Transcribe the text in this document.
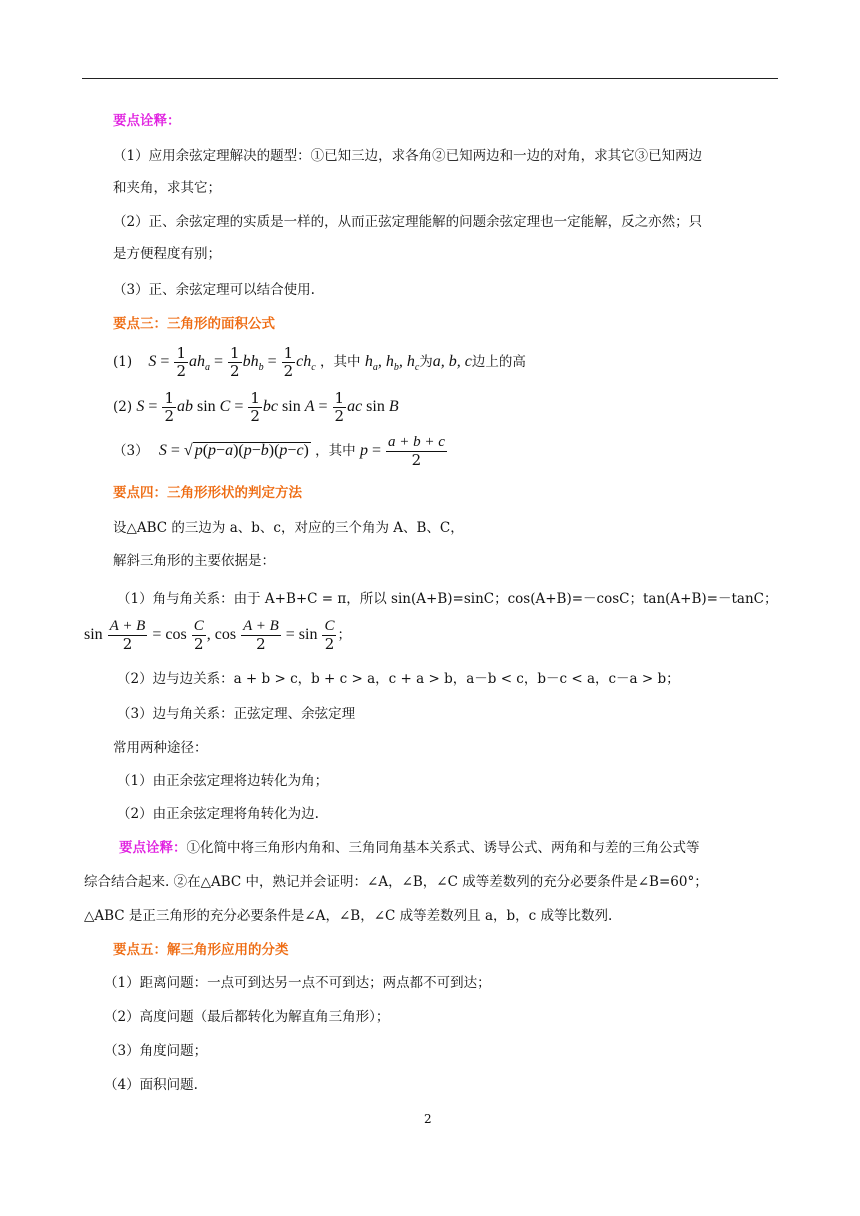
要点诠释：
（1）应用余弦定理解决的题型：①已知三边，求各角②已知两边和一边的对角，求其它③已知两边
和夹角，求其它；
（2）正、余弦定理的实质是一样的，从而正弦定理能解的问题余弦定理也一定能解，反之亦然；只
是方便程度有别；
（3）正、余弦定理可以结合使用.
要点三：三角形的面积公式
(1) $S = \frac{1}{2} ah_a = \frac{1}{2} bh_b = \frac{1}{2} ch_c$ ，其中 $h_a$, $h_b$, $h_c$为a, b, c边上的高
(2) $S = \frac{1}{2}$ ab $\sin C = \frac{1}{2}$ bc $\sin A = \frac{1}{2}$ ac sin B
（3） S = √ p(p−a)(p−b)(p−c) ，其中 $p = \frac{a + b + c}{2}$
要点四：三角形形状的判定方法
设△ABC 的三边为 a、b、c，对应的三个角为 A、B、C，
解斜三角形的主要依据是：
（1）角与角关系：由于 A+B+C = π，所以 sin(A+B)=sinC；cos(A+B)=－cosC；tan(A+B)=－tanC；
$\sin \frac{A + B}{2} = \cos \frac{C}{2}$ , $\cos \frac{A + B}{2} = \sin \frac{C}{2}$ ；
（2）边与边关系：a + b > c，b + c > a，c + a > b，a－b < c，b－c < a，c－a > b；
（3）边与角关系：正弦定理、余弦定理
常用两种途径：
（1）由正余弦定理将边转化为角；
（2）由正余弦定理将角转化为边.
要点诠释：①化简中将三角形内角和、三角同角基本关系式、诱导公式、两角和与差的三角公式等
综合结合起来. ②在△ABC 中，熟记并会证明：∠A，∠B，∠C 成等差数列的充分必要条件是∠B=60°；
△ABC 是正三角形的充分必要条件是∠A，∠B，∠C 成等差数列且 a，b，c 成等比数列.
要点五：解三角形应用的分类
（1）距离问题：一点可到达另一点不可到达；两点都不可到达；
（2）高度问题（最后都转化为解直角三角形）；
（3）角度问题；
（4）面积问题.
2
